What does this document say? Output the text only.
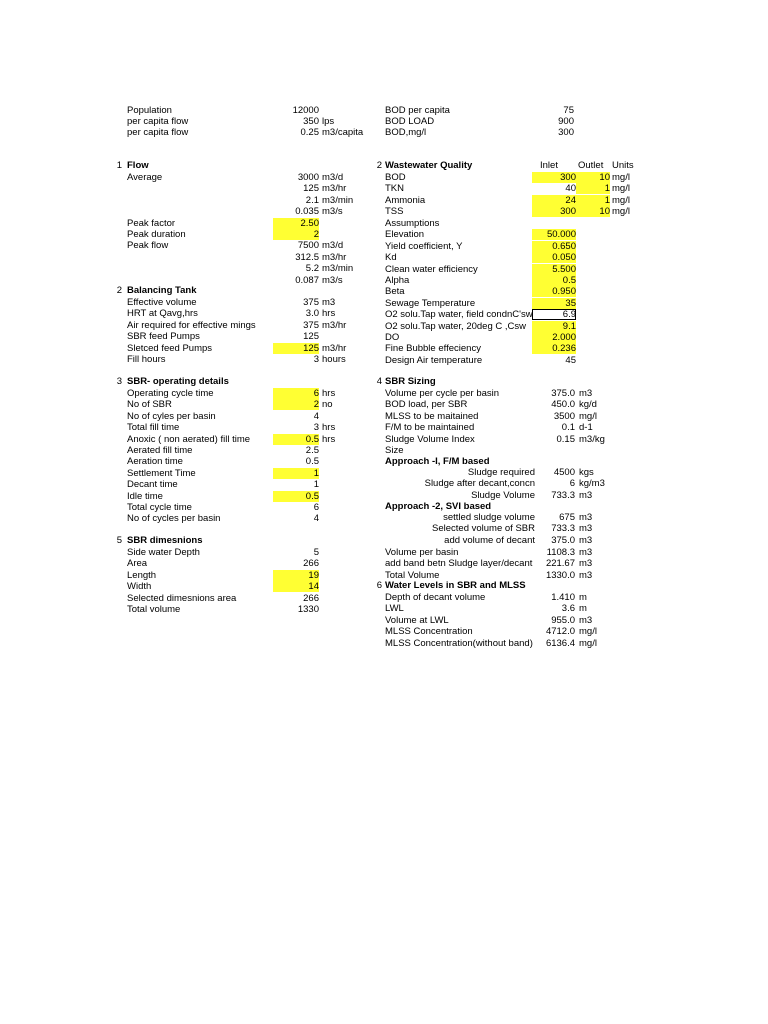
Population	12000
per capita flow	350 lps
per capita flow	0.25 m3/capita
BOD per capita	75
BOD LOAD	900
BOD,mg/l	300
1 Flow
Average	3000 m3/d
125 m3/hr
2.1 m3/min
0.035 m3/s
Peak factor	2.50
Peak duration	2
Peak flow	7500 m3/d
312.5 m3/hr
5.2 m3/min
0.087 m3/s
2 Balancing Tank
Effective volume	375 m3
HRT at Qavg,hrs	3.0 hrs
Air required for effective mings	375 m3/hr
SBR feed Pumps	125
Sletced feed Pumps	125 m3/hr
Fill hours	3 hours
3 SBR- operating details
Operating cycle time	6 hrs
No of SBR	2 no
No of cyles per basin	4
Total fill time	3 hrs
Anoxic ( non aerated) fill time	0.5 hrs
Aerated fill time	2.5
Aeration time	0.5
Settlement Time	1
Decant time	1
Idle time	0.5
Total cycle time	6
No of cycles per basin	4
5 SBR dimesnions
Side water Depth	5
Area	266
Length	19
Width	14
Selected dimesnions area	266
Total volume	1330
2 Wastewater Quality	Inlet Outlet Units
BOD	300	10 mg/l
TKN	40	1 mg/l
Ammonia	24	1 mg/l
TSS	300	10 mg/l
Assumptions
Elevation	50.000
Yield coefficient, Y	0.650
Kd	0.050
Clean water efficiency	5.500
Alpha	0.5
Beta	0.950
Sewage Temperature	35
O2 solu.Tap water, field condnC'sw	6.9
O2 solu.Tap water, 20deg C ,Csw	9.1
DO	2.000
Fine Bubble effeciency	0.236
Design Air temperature	45
4 SBR Sizing
Volume per cycle per basin	375.0 m3
BOD load, per SBR	450.0 kg/d
MLSS to be maitained	3500 mg/l
F/M to be maintained	0.1 d-1
Sludge Volume Index	0.15 m3/kg
Size
Approach -I, F/M based
Sludge required	4500 kgs
Sludge after decant,concn	6 kg/m3
Sludge Volume	733.3 m3
Approach -2, SVI based
settled sludge volume	675 m3
Selected volume of SBR	733.3 m3
add volume of decant	375.0 m3
Volume per basin	1108.3 m3
add band betn Sludge layer/decant	221.67 m3
Total Volume	1330.0 m3
6 Water Levels in SBR and MLSS
Depth of decant volume	1.410 m
LWL	3.6 m
Volume at LWL	955.0 m3
MLSS Concentration	4712.0 mg/l
MLSS Concentration(without band)	6136.4 mg/l
